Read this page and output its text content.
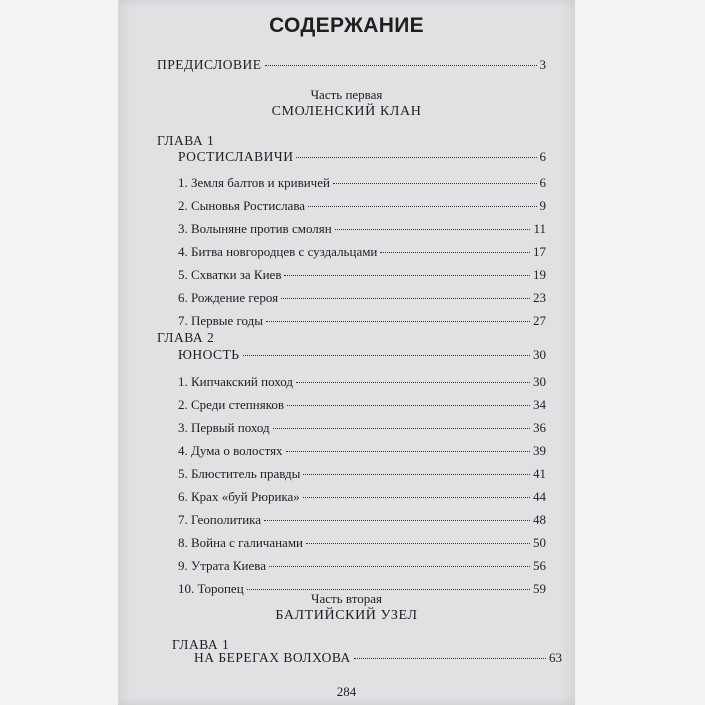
СОДЕРЖАНИЕ
ПРЕДИСЛОВИЕ	3
Часть первая
СМОЛЕНСКИЙ КЛАН
ГЛАВА 1
РОСТИСЛАВИЧИ	6
1. Земля балтов и кривичей	6
2. Сыновья Ростислава	9
3. Волыняне против смолян	11
4. Битва новгородцев с суздальцами	17
5. Схватки за Киев	19
6. Рождение героя	23
7. Первые годы	27
ГЛАВА 2
ЮНОСТЬ	30
1. Кипчакский поход	30
2. Среди степняков	34
3. Первый поход	36
4. Дума о волостях	39
5. Блюститель правды	41
6. Крах «буй Рюрика»	44
7. Геополитика	48
8. Война с галичанами	50
9. Утрата Киева	56
10. Торопец	59
Часть вторая
БАЛТИЙСКИЙ УЗЕЛ
ГЛАВА 1
НА БЕРЕГАХ ВОЛХОВА	63
284
